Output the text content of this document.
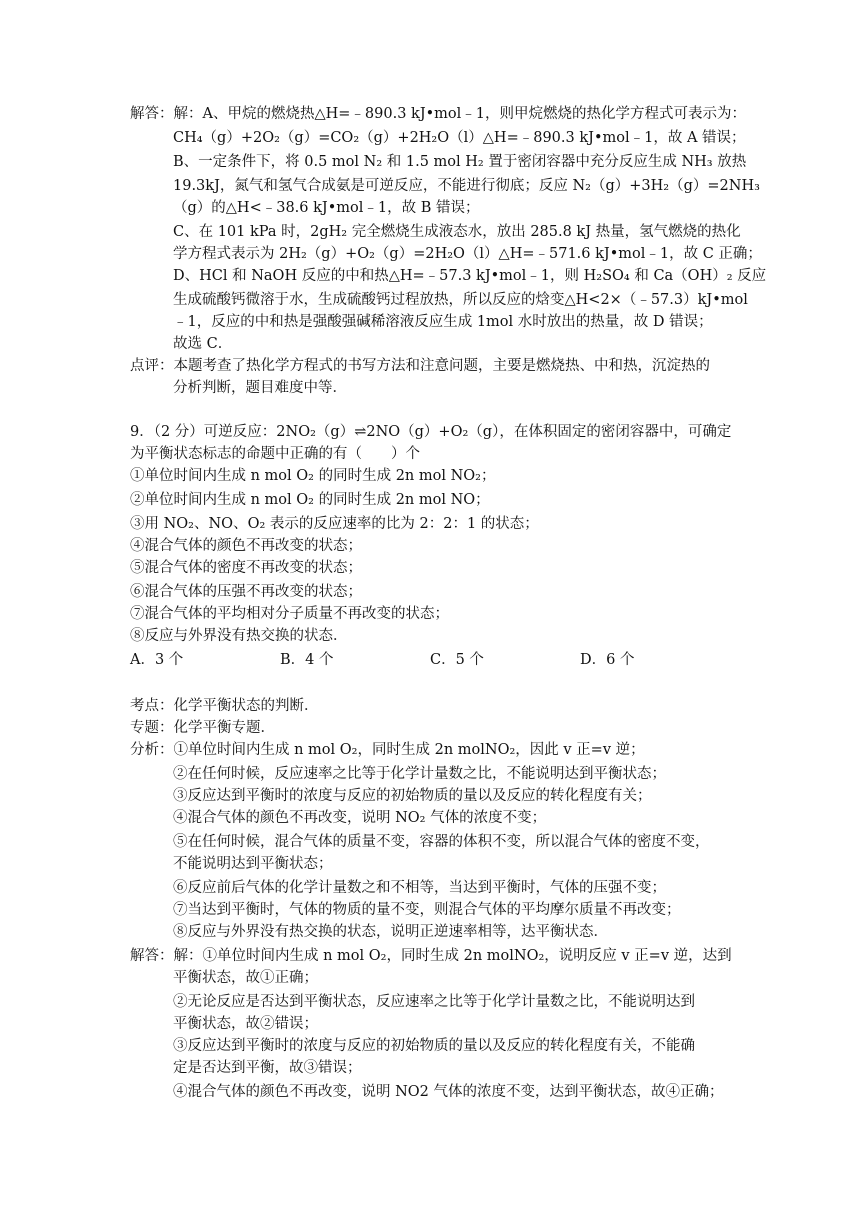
解答：解：A、甲烷的燃烧热△H=﹣890.3 kJ•mol﹣1，则甲烷燃烧的热化学方程式可表示为：
CH₄（g）+2O₂（g）=CO₂（g）+2H₂O（l）△H=﹣890.3 kJ•mol﹣1，故 A 错误；
B、一定条件下，将 0.5 mol N₂ 和 1.5 mol H₂ 置于密闭容器中充分反应生成 NH₃ 放热
19.3kJ，氮气和氢气合成氨是可逆反应，不能进行彻底；反应 N₂（g）+3H₂（g）=2NH₃
（g）的△H<﹣38.6 kJ•mol﹣1，故 B 错误；
C、在 101 kPa 时，2gH₂ 完全燃烧生成液态水，放出 285.8 kJ 热量，氢气燃烧的热化
学方程式表示为 2H₂（g）+O₂（g）=2H₂O（l）△H=﹣571.6 kJ•mol﹣1，故 C 正确；
D、HCl 和 NaOH 反应的中和热△H=﹣57.3 kJ•mol﹣1，则 H₂SO₄ 和 Ca（OH）₂ 反应
生成硫酸钙微溶于水，生成硫酸钙过程放热，所以反应的焓变△H<2×（﹣57.3）kJ•mol
﹣1，反应的中和热是强酸强碱稀溶液反应生成 1mol 水时放出的热量，故 D 错误；
故选 C．
点评：本题考查了热化学方程式的书写方法和注意问题，主要是燃烧热、中和热，沉淀热的
分析判断，题目难度中等．
9．（2 分）可逆反应：2NO₂（g）⇌2NO（g）+O₂（g），在体积固定的密闭容器中，可确定
为平衡状态标志的命题中正确的有（　　）个
①单位时间内生成 n mol O₂ 的同时生成 2n mol NO₂；
②单位时间内生成 n mol O₂ 的同时生成 2n mol NO；
③用 NO₂、NO、O₂ 表示的反应速率的比为 2：2：1 的状态；
④混合气体的颜色不再改变的状态；
⑤混合气体的密度不再改变的状态；
⑥混合气体的压强不再改变的状态；
⑦混合气体的平均相对分子质量不再改变的状态；
⑧反应与外界没有热交换的状态．
A．3 个	B．4 个	C．5 个	D．6 个
考点：化学平衡状态的判断．
专题：化学平衡专题．
分析：①单位时间内生成 n mol O₂，同时生成 2n molNO₂，因此 v 正=v 逆；
②在任何时候，反应速率之比等于化学计量数之比，不能说明达到平衡状态；
③反应达到平衡时的浓度与反应的初始物质的量以及反应的转化程度有关；
④混合气体的颜色不再改变，说明 NO₂ 气体的浓度不变；
⑤在任何时候，混合气体的质量不变，容器的体积不变，所以混合气体的密度不变，
不能说明达到平衡状态；
⑥反应前后气体的化学计量数之和不相等，当达到平衡时，气体的压强不变；
⑦当达到平衡时，气体的物质的量不变，则混合气体的平均摩尔质量不再改变；
⑧反应与外界没有热交换的状态，说明正逆速率相等，达平衡状态．
解答：解：①单位时间内生成 n mol O₂，同时生成 2n molNO₂，说明反应 v 正=v 逆，达到
平衡状态，故①正确；
②无论反应是否达到平衡状态，反应速率之比等于化学计量数之比，不能说明达到
平衡状态，故②错误；
③反应达到平衡时的浓度与反应的初始物质的量以及反应的转化程度有关，不能确
定是否达到平衡，故③错误；
④混合气体的颜色不再改变，说明 NO2 气体的浓度不变，达到平衡状态，故④正确；
